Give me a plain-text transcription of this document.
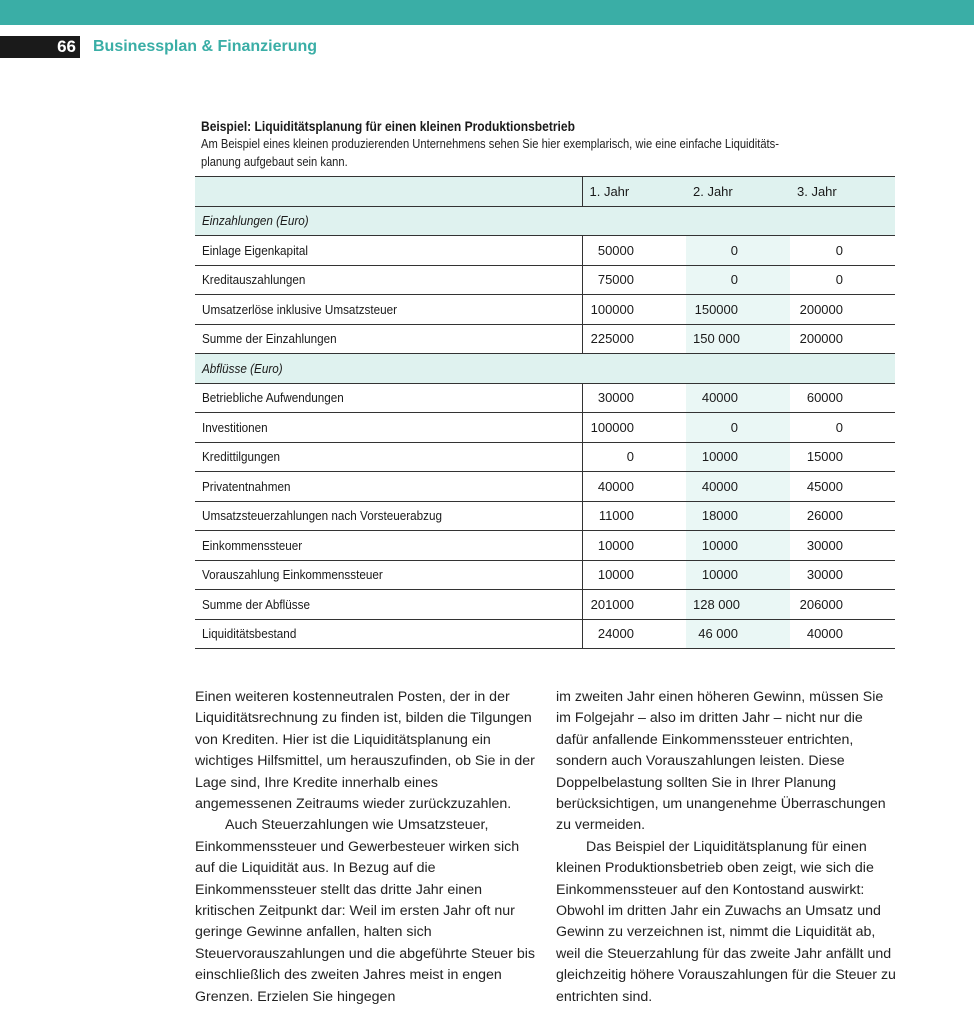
66 Businessplan & Finanzierung
Beispiel: Liquiditätsplanung für einen kleinen Produktionsbetrieb
Am Beispiel eines kleinen produzierenden Unternehmens sehen Sie hier exemplarisch, wie eine einfache Liquiditäts-
planung aufgebaut sein kann.
	1. Jahr	2. Jahr	3. Jahr
Einzahlungen (Euro)			
Einlage Eigenkapital	50000	0	0
Kreditauszahlungen	75000	0	0
Umsatzerlöse inklusive Umsatzsteuer	100000	150000	200000
Summe der Einzahlungen	225000	150 000	200000
Abflüsse (Euro)			
Betriebliche Aufwendungen	30000	40000	60000
Investitionen	100000	0	0
Kredittilgungen	0	10000	15000
Privatentnahmen	40000	40000	45000
Umsatzsteuerzahlungen nach Vorsteuerabzug	11000	18000	26000
Einkommenssteuer	10000	10000	30000
Vorauszahlung Einkommenssteuer	10000	10000	30000
Summe der Abflüsse	201000	128 000	206000
Liquiditätsbestand	24000	46 000	40000

Einen weiteren kostenneutralen Posten, der in der Liquiditätsrechnung zu finden ist, bilden die Tilgungen von Krediten. Hier ist die Liquiditätsplanung ein wichtiges Hilfsmittel, um herauszufinden, ob Sie in der Lage sind, Ihre Kredite innerhalb eines angemessenen Zeitraums wieder zurückzuzahlen.

Auch Steuerzahlungen wie Umsatzsteuer, Einkommenssteuer und Gewerbesteuer wirken sich auf die Liquidität aus. In Bezug auf die Einkommenssteuer stellt das dritte Jahr einen kritischen Zeitpunkt dar: Weil im ersten Jahr oft nur geringe Gewinne anfallen, halten sich Steuervorauszahlungen und die abgeführte Steuer bis einschließlich des zweiten Jahres meist in engen Grenzen. Erzielen Sie hingegen

im zweiten Jahr einen höheren Gewinn, müssen Sie im Folgejahr – also im dritten Jahr – nicht nur die dafür anfallende Einkommenssteuer entrichten, sondern auch Vorauszahlungen leisten. Diese Doppelbelastung sollten Sie in Ihrer Planung berücksichtigen, um unangenehme Überraschungen zu vermeiden.

Das Beispiel der Liquiditätsplanung für einen kleinen Produktionsbetrieb oben zeigt, wie sich die Einkommenssteuer auf den Kontostand auswirkt: Obwohl im dritten Jahr ein Zuwachs an Umsatz und Gewinn zu verzeichnen ist, nimmt die Liquidität ab, weil die Steuerzahlung für das zweite Jahr anfällt und gleichzeitig höhere Vorauszahlungen für die Steuer zu entrichten sind.
